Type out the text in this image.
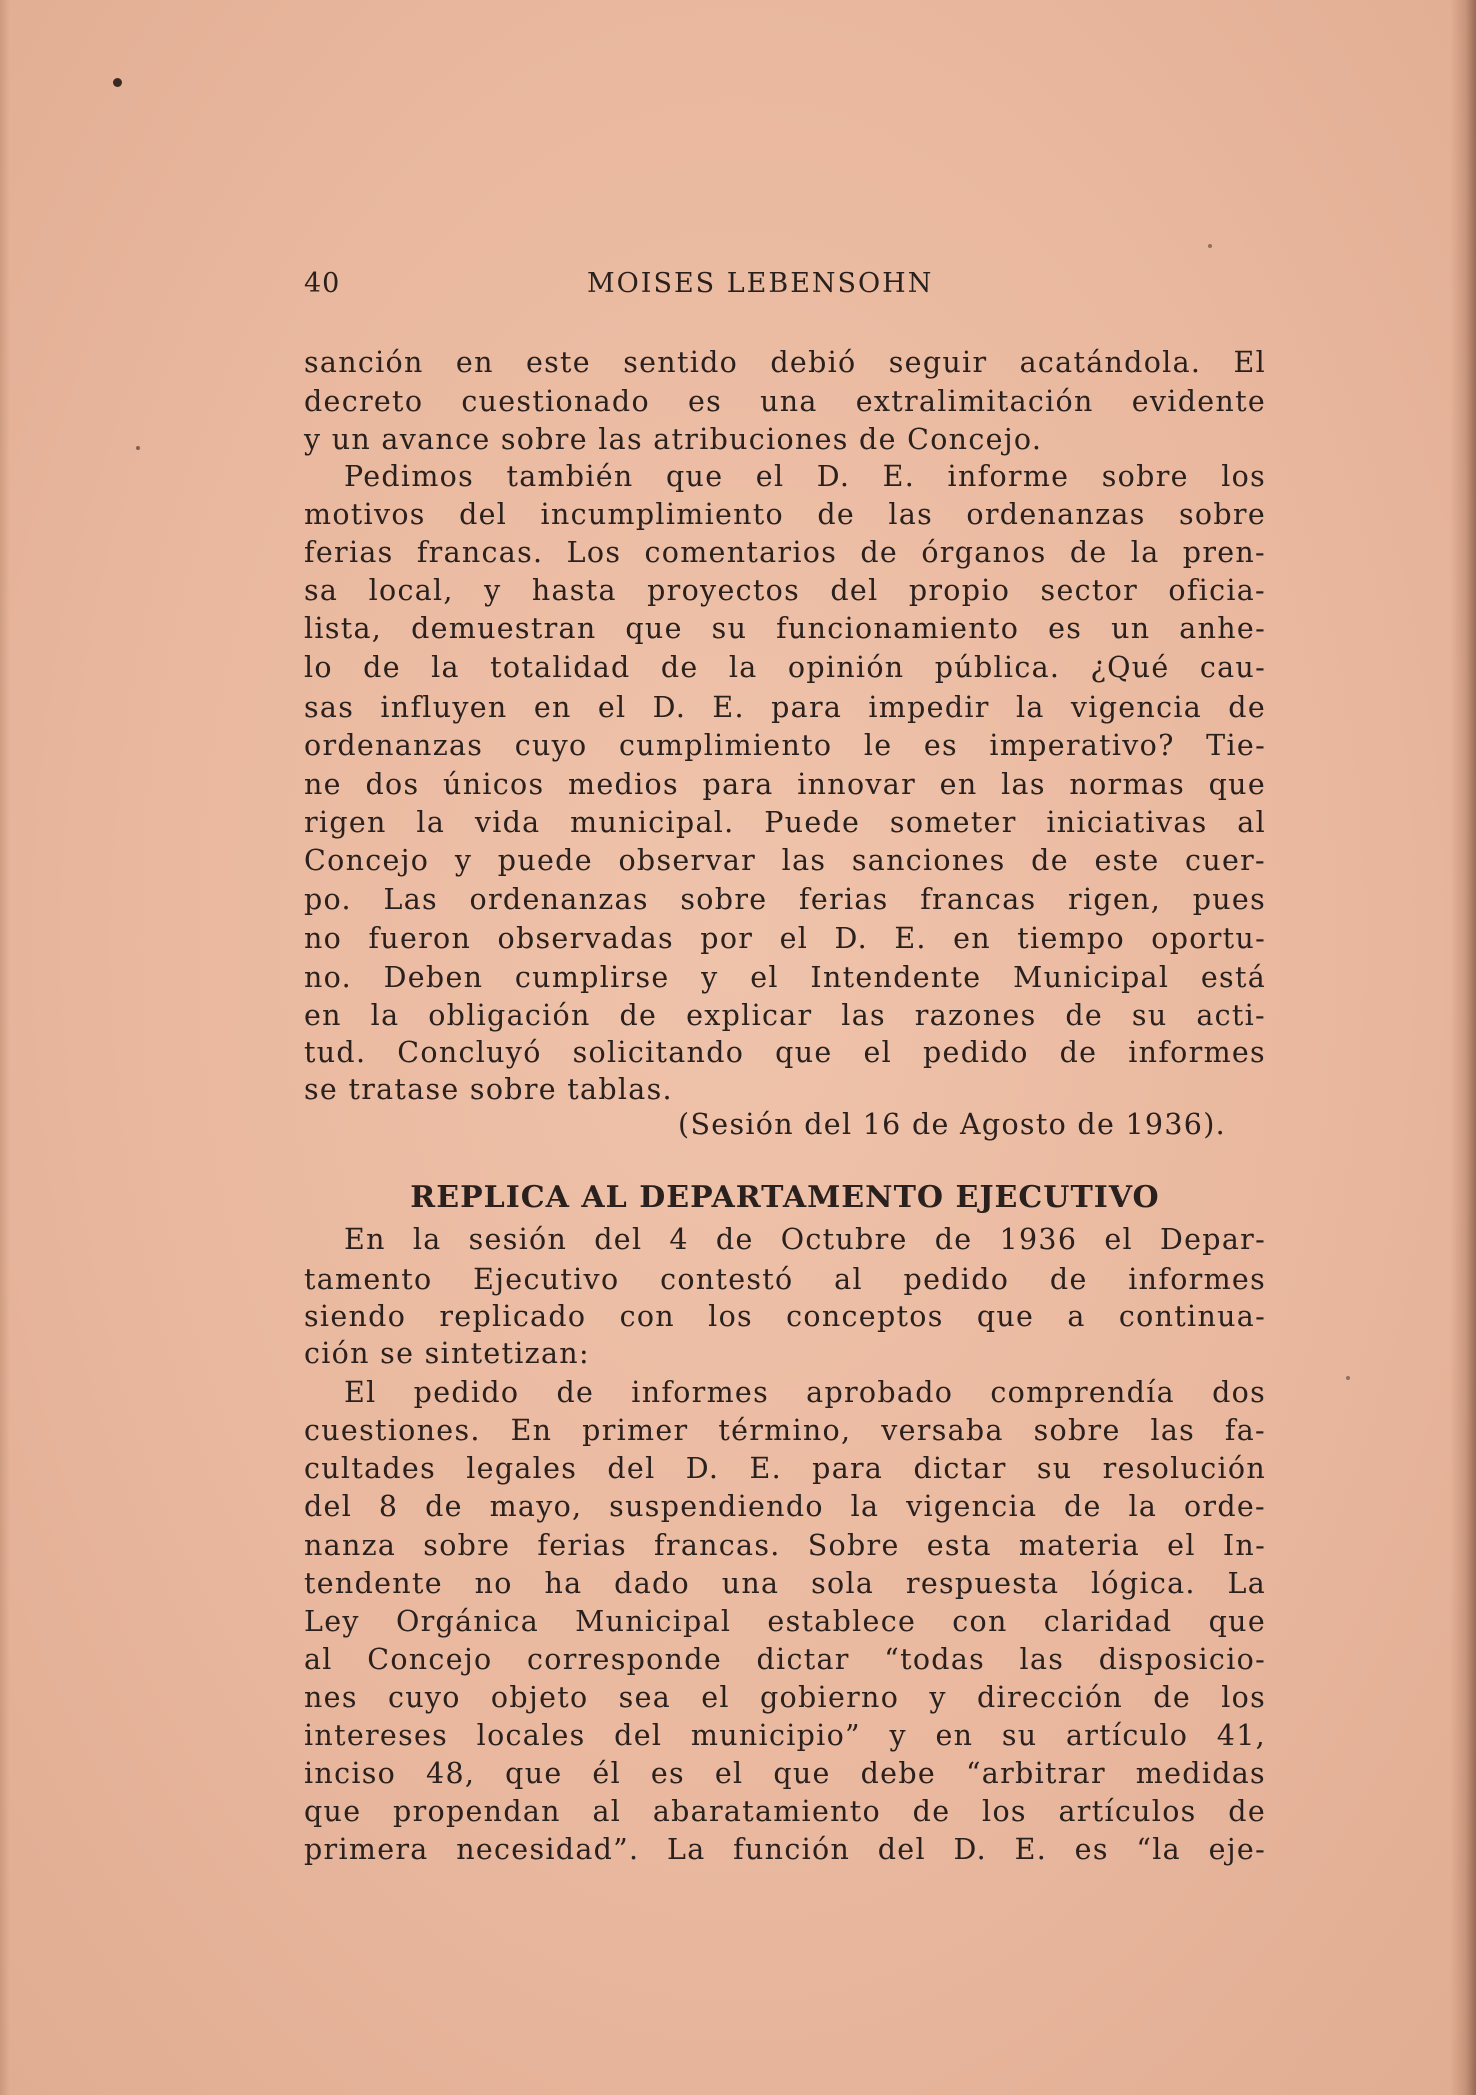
40	MOISES LEBENSOHN
sanción en este sentido debió seguir acatándola. El
decreto cuestionado es una extralimitación evidente
y un avance sobre las atribuciones de Concejo.
Pedimos también que el D. E. informe sobre los
motivos del incumplimiento de las ordenanzas sobre
ferias francas. Los comentarios de órganos de la pren-
sa local, y hasta proyectos del propio sector oficia-
lista, demuestran que su funcionamiento es un anhe-
lo de la totalidad de la opinión pública. ¿Qué cau-
sas influyen en el D. E. para impedir la vigencia de
ordenanzas cuyo cumplimiento le es imperativo? Tie-
ne dos únicos medios para innovar en las normas que
rigen la vida municipal. Puede someter iniciativas al
Concejo y puede observar las sanciones de este cuer-
po. Las ordenanzas sobre ferias francas rigen, pues
no fueron observadas por el D. E. en tiempo oportu-
no. Deben cumplirse y el Intendente Municipal está
en la obligación de explicar las razones de su acti-
tud. Concluyó solicitando que el pedido de informes
se tratase sobre tablas.
(Sesión del 16 de Agosto de 1936).
REPLICA AL DEPARTAMENTO EJECUTIVO
En la sesión del 4 de Octubre de 1936 el Depar-
tamento Ejecutivo contestó al pedido de informes
siendo replicado con los conceptos que a continua-
ción se sintetizan:
El pedido de informes aprobado comprendía dos
cuestiones. En primer término, versaba sobre las fa-
cultades legales del D. E. para dictar su resolución
del 8 de mayo, suspendiendo la vigencia de la orde-
nanza sobre ferias francas. Sobre esta materia el In-
tendente no ha dado una sola respuesta lógica. La
Ley Orgánica Municipal establece con claridad que
al Concejo corresponde dictar “todas las disposicio-
nes cuyo objeto sea el gobierno y dirección de los
intereses locales del municipio” y en su artículo 41,
inciso 48, que él es el que debe “arbitrar medidas
que propendan al abaratamiento de los artículos de
primera necesidad”. La función del D. E. es “la eje-
